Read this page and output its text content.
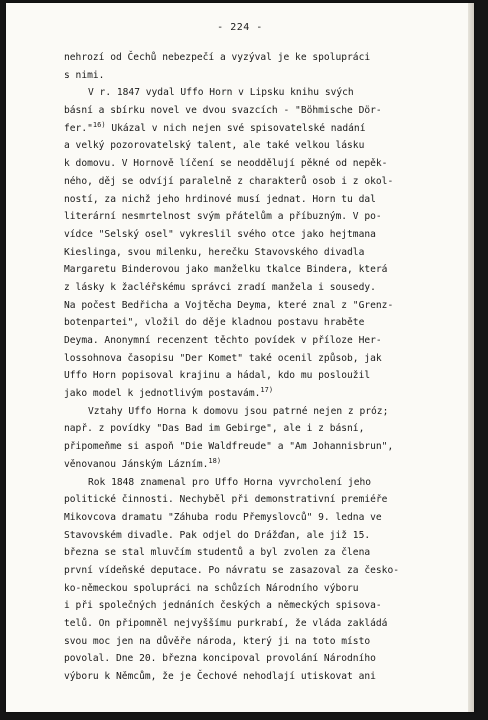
- 224 -
nehrozí od Čechů nebezpečí a vyzýval je ke spolupráci
s nimi.
V r. 1847 vydal Uffo Horn v Lipsku knihu svých
básní a sbírku novel ve dvou svazcích - "Böhmische Dör-
fer."$^{16)}$ Ukázal v nich nejen své spisovatelské nadání
a velký pozorovatelský talent, ale také velkou lásku
k domovu. V Hornově líčení se neoddělují pěkné od nepěk-
ného, děj se odvíjí paralelně z charakterů osob i z okol-
ností, za nichž jeho hrdinové musí jednat. Horn tu dal
literární nesmrtelnost svým přátelům a příbuzným. V po-
vídce "Selský osel" vykreslil svého otce jako hejtmana
Kieslinga, svou milenku, herečku Stavovského divadla
Margaretu Binderovou jako manželku tkalce Bindera, která
z lásky k žacléřskému správci zradí manžela i sousedy.
Na počest Bedřicha a Vojtěcha Deyma, které znal z "Grenz-
botenpartei", vložil do děje kladnou postavu hraběte
Deyma. Anonymní recenzent těchto povídek v příloze Her-
lossohnova časopisu "Der Komet" také ocenil způsob, jak
Uffo Horn popisoval krajinu a hádal, kdo mu posloužil
jako model k jednotlivým postavám.$^{17)}$
Vztahy Uffo Horna k domovu jsou patrné nejen z próz;
např. z povídky "Das Bad im Gebirge", ale i z básní,
připomeňme si aspoň "Die Waldfreude" a "Am Johannisbrun",
věnovanou Jánským Lázním.$^{18)}$
Rok 1848 znamenal pro Uffo Horna vyvrcholení jeho
politické činnosti. Nechyběl při demonstrativní premiéře
Mikovcova dramatu "Záhuba rodu Přemyslovců" 9. ledna ve
Stavovském divadle. Pak odjel do Drážďan, ale již 15.
března se stal mluvčím studentů a byl zvolen za člena
první vídeňské deputace. Po návratu se zasazoval za česko-
ko-německou spolupráci na schůzích Národního výboru
i při společných jednáních českých a německých spisova-
telů. On připomněl nejvyššímu purkrabí, že vláda zakládá
svou moc jen na důvěře národa, který ji na toto místo
povolal. Dne 20. března koncipoval provolání Národního
výboru k Němcům, že je Čechové nehodlají utiskovat ani
